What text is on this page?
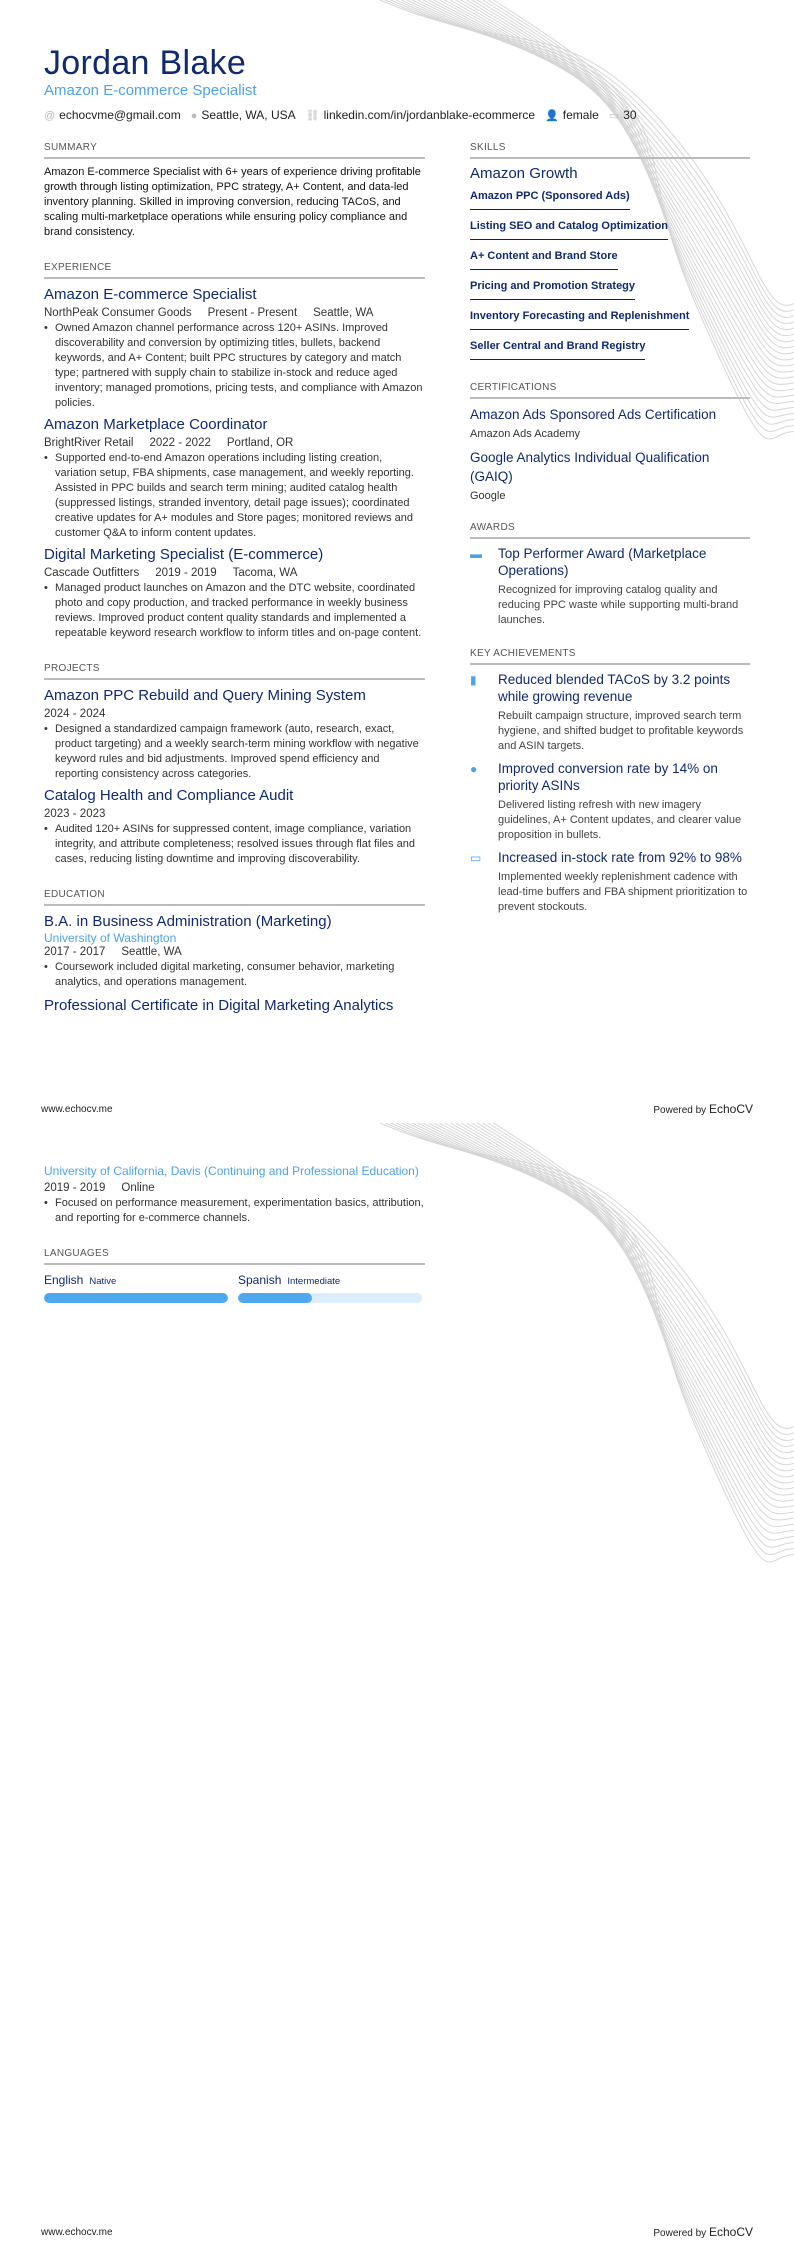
Jordan Blake
Amazon E-commerce Specialist
@ echocvme@gmail.com ● Seattle, WA, USA ⛓ linkedin.com/in/jordanblake-ecommerce 👤 female ▭ 30
SUMMARY
Amazon E-commerce Specialist with 6+ years of experience driving profitable growth through listing optimization, PPC strategy, A+ Content, and data-led inventory planning. Skilled in improving conversion, reducing TACoS, and scaling multi-marketplace operations while ensuring policy compliance and brand consistency.
EXPERIENCE
Amazon E-commerce Specialist
NorthPeak Consumer Goods Present - Present Seattle, WA
• Owned Amazon channel performance across 120+ ASINs. Improved discoverability and conversion by optimizing titles, bullets, backend keywords, and A+ Content; built PPC structures by category and match type; partnered with supply chain to stabilize in-stock and reduce aged inventory; managed promotions, pricing tests, and compliance with Amazon policies.
Amazon Marketplace Coordinator
BrightRiver Retail 2022 - 2022 Portland, OR
• Supported end-to-end Amazon operations including listing creation, variation setup, FBA shipments, case management, and weekly reporting. Assisted in PPC builds and search term mining; audited catalog health (suppressed listings, stranded inventory, detail page issues); coordinated creative updates for A+ modules and Store pages; monitored reviews and customer Q&A to inform content updates.
Digital Marketing Specialist (E-commerce)
Cascade Outfitters 2019 - 2019 Tacoma, WA
• Managed product launches on Amazon and the DTC website, coordinated photo and copy production, and tracked performance in weekly business reviews. Improved product content quality standards and implemented a repeatable keyword research workflow to inform titles and on-page content.
PROJECTS
Amazon PPC Rebuild and Query Mining System
2024 - 2024
• Designed a standardized campaign framework (auto, research, exact, product targeting) and a weekly search-term mining workflow with negative keyword rules and bid adjustments. Improved spend efficiency and reporting consistency across categories.
Catalog Health and Compliance Audit
2023 - 2023
• Audited 120+ ASINs for suppressed content, image compliance, variation integrity, and attribute completeness; resolved issues through flat files and cases, reducing listing downtime and improving discoverability.
EDUCATION
B.A. in Business Administration (Marketing)
University of Washington
2017 - 2017 Seattle, WA
• Coursework included digital marketing, consumer behavior, marketing analytics, and operations management.
Professional Certificate in Digital Marketing Analytics
SKILLS
Amazon Growth
Amazon PPC (Sponsored Ads)
Listing SEO and Catalog Optimization
A+ Content and Brand Store
Pricing and Promotion Strategy
Inventory Forecasting and Replenishment
Seller Central and Brand Registry
CERTIFICATIONS
Amazon Ads Sponsored Ads Certification
Amazon Ads Academy
Google Analytics Individual Qualification (GAIQ)
Google
AWARDS
▬ Top Performer Award (Marketplace Operations)
Recognized for improving catalog quality and reducing PPC waste while supporting multi-brand launches.
KEY ACHIEVEMENTS
▮	Reduced blended TACoS by 3.2 points while growing revenue
Rebuilt campaign structure, improved search term hygiene, and shifted budget to profitable keywords and ASIN targets.
●	Improved conversion rate by 14% on priority ASINs
Delivered listing refresh with new imagery guidelines, A+ Content updates, and clearer value proposition in bullets.
▭	Increased in-stock rate from 92% to 98%
Implemented weekly replenishment cadence with lead-time buffers and FBA shipment prioritization to prevent stockouts.
www.echocv.me	Powered by EchoCV
University of California, Davis (Continuing and Professional Education)
2019 - 2019 Online
• Focused on performance measurement, experimentation basics, attribution, and reporting for e-commerce channels.
LANGUAGES
English Native	Spanish Intermediate
www.echocv.me	Powered by EchoCV
